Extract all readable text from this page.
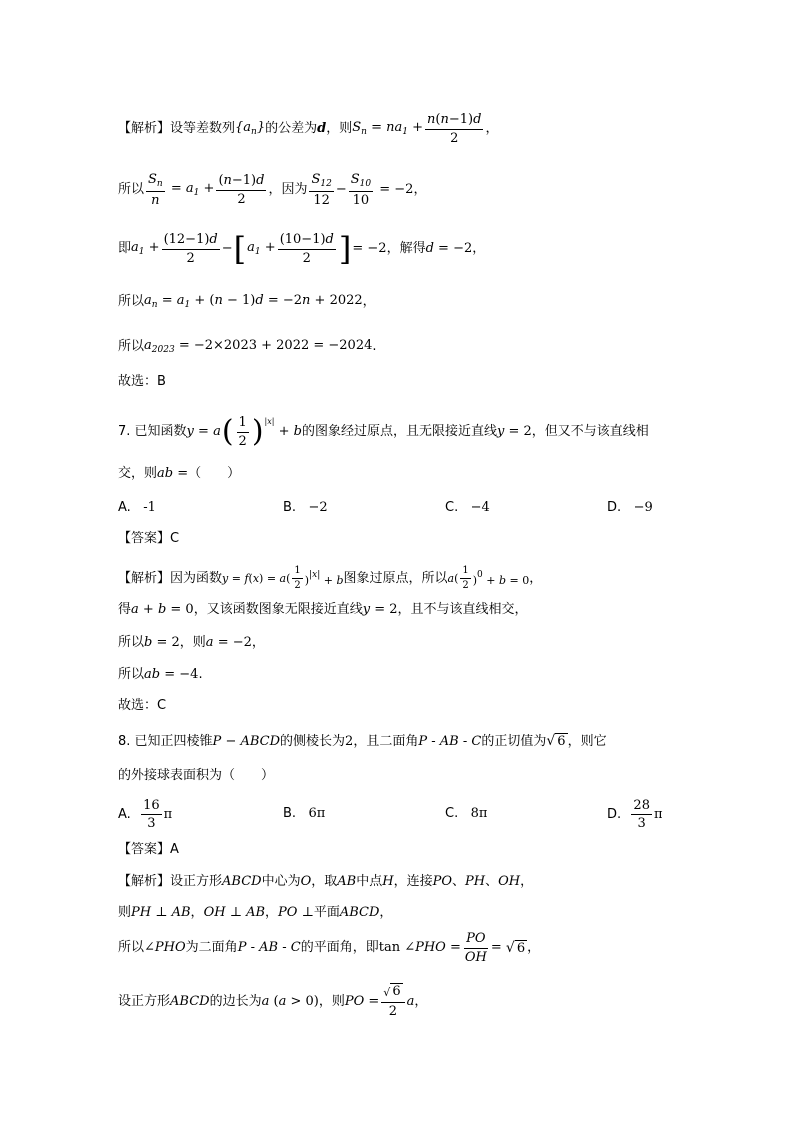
【解析】设等差数列 $\{a_n\}$ 的公差为 d ，则 $S_n = na_1 + \frac{n(n-1)d}{2}$ ，
所以 $\frac{S_n}{n} = a_1 + \frac{(n-1)d}{2}$ ，因为 $\frac{S_{12}}{12} - \frac{S_{10}}{10} = -2$ ，
即 $a_1 + \frac{(12-1)d}{2}$ − [ $a_1 + \frac{(10-1)d}{2}$ ] = −2 ，解得 d = −2 ，
所以 $a_n = a_1 + (n - 1)d = -2n + 2022$ ，
所以 $a_{2023} = -2\times 2023 + 2022 = -2024$ .
故选：B
7. 已知函数 y = a ( $\frac{1}{2}$ ) |x|
+ b 的图象经过原点，且无限接近直线 y = 2 ，但又不与该直线相
交，则 ab = （　　）
A.
-1	B.
−2	C.
−4	D.
−9
【答案】C
【解析】因为函数 $y = f(x) = a( \frac{1}{2} )^{|x|} + b$ 图象过原点，所以 $a( \frac{1}{2} )^0 + b = 0$ ，
得 a + b = 0 ，又该函数图象无限接近直线 y = 2 ，且不与该直线相交，
所以 b = 2 ，则 a = −2 ，
所以 ab = −4 .
故选：C
8. 已知正四棱锥 P − ABCD 的侧棱长为 2 ，且二面角 P - AB - C 的正切值为 √ 6 ，则它
的外接球表面积为（　　）
A.
$\frac{16}{3}$ π	B.
6π	C.
8π	D.
$\frac{28}{3}$ π
【答案】A
【解析】设正方形 ABCD 中心为 O ，取 AB 中点 H ，连接 PO 、 PH 、 OH ，
则 PH ⊥ AB ， OH ⊥ AB ， PO ⊥ 平面 ABCD ，
所以 ∠PHO 为二面角 P - AB - C 的平面角，即 tan ∠PHO = $\frac{PO}{OH}$ = √ 6 ，
设正方形 ABCD 的边长为 a (a > 0) ，则 PO = $\frac{√ 6}{2}$ a ，
